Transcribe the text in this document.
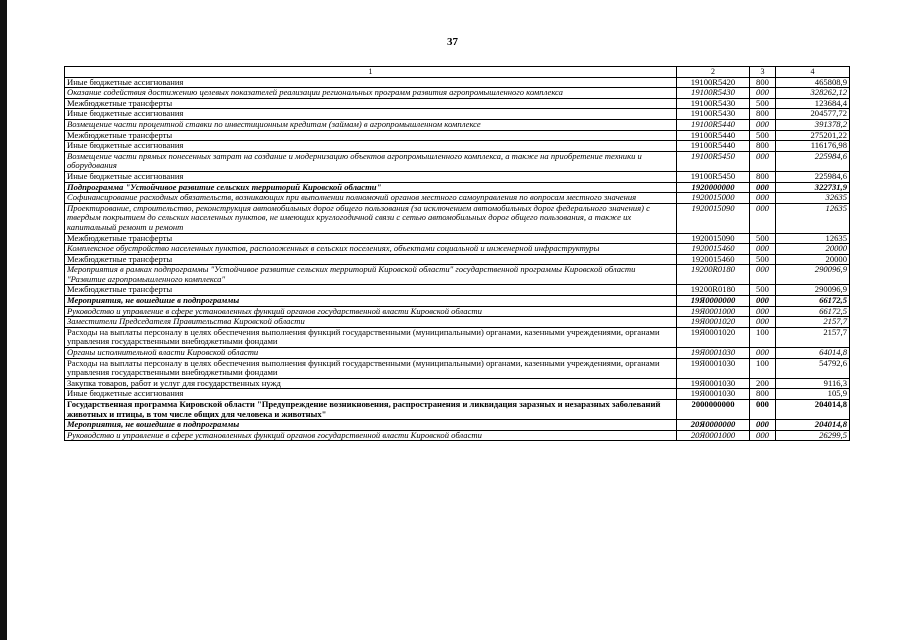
37
1	2	3	4
Иные бюджетные ассигнования	19100R5420	800	465808,9
Оказание содействия достижению целевых показателей реализации региональных программ развития агропромышленного комплекса	19100R5430	000	328262,12
Межбюджетные трансферты	19100R5430	500	123684,4
Иные бюджетные ассигнования	19100R5430	800	204577,72
Возмещение части процентной ставки по инвестиционным кредитам (займам) в агропромышленном комплексе	19100R5440	000	391378,2
Межбюджетные трансферты	19100R5440	500	275201,22
Иные бюджетные ассигнования	19100R5440	800	116176,98
Возмещение части прямых понесенных затрат на создание и модернизацию объектов агропромышленного комплекса, а также на приобретение техники и оборудования	19100R5450	000	225984,6
Иные бюджетные ассигнования	19100R5450	800	225984,6
Подпрограмма "Устойчивое развитие сельских территорий Кировской области"	1920000000	000	322731,9
Софинансирование расходных обязательств, возникающих при выполнении полномочий органов местного самоуправления по вопросам местного значения	1920015000	000	32635
Проектирование, строительство, реконструкция автомобильных дорог общего пользования (за исключением автомобильных дорог федерального значения) с твердым покрытием до сельских населенных пунктов, не имеющих круглогодичной связи с сетью автомобильных дорог общего пользования, а также их капитальный ремонт и ремонт	1920015090	000	12635
Межбюджетные трансферты	1920015090	500	12635
Комплексное обустройство населенных пунктов, расположенных в сельских поселениях, объектами социальной и инженерной инфраструктуры	1920015460	000	20000
Межбюджетные трансферты	1920015460	500	20000
Мероприятия в рамках подпрограммы "Устойчивое развитие сельских территорий Кировской области" государственной программы Кировской области "Развитие агропромышленного комплекса"	19200R0180	000	290096,9
Межбюджетные трансферты	19200R0180	500	290096,9
Мероприятия, не вошедшие в подпрограммы	19Я0000000	000	66172,5
Руководство и управление в сфере установленных функций органов государственной власти Кировской области	19Я0001000	000	66172,5
Заместители Председателя Правительства Кировской области	19Я0001020	000	2157,7
Расходы на выплаты персоналу в целях обеспечения выполнения функций государственными (муниципальными) органами, казенными учреждениями, органами управления государственными внебюджетными фондами	19Я0001020	100	2157,7
Органы исполнительной власти Кировской области	19Я0001030	000	64014,8
Расходы на выплаты персоналу в целях обеспечения выполнения функций государственными (муниципальными) органами, казенными учреждениями, органами управления государственными внебюджетными фондами	19Я0001030	100	54792,6
Закупка товаров, работ и услуг для государственных нужд	19Я0001030	200	9116,3
Иные бюджетные ассигнования	19Я0001030	800	105,9
Государственная программа Кировской области "Предупреждение возникновения, распространения и ликвидация заразных и незаразных заболеваний животных и птицы, в том числе общих для человека и животных"	2000000000	000	204014,8
Мероприятия, не вошедшие в подпрограммы	20Я0000000	000	204014,8
Руководство и управление в сфере установленных функций органов государственной власти Кировской области	20Я0001000	000	26299,5
